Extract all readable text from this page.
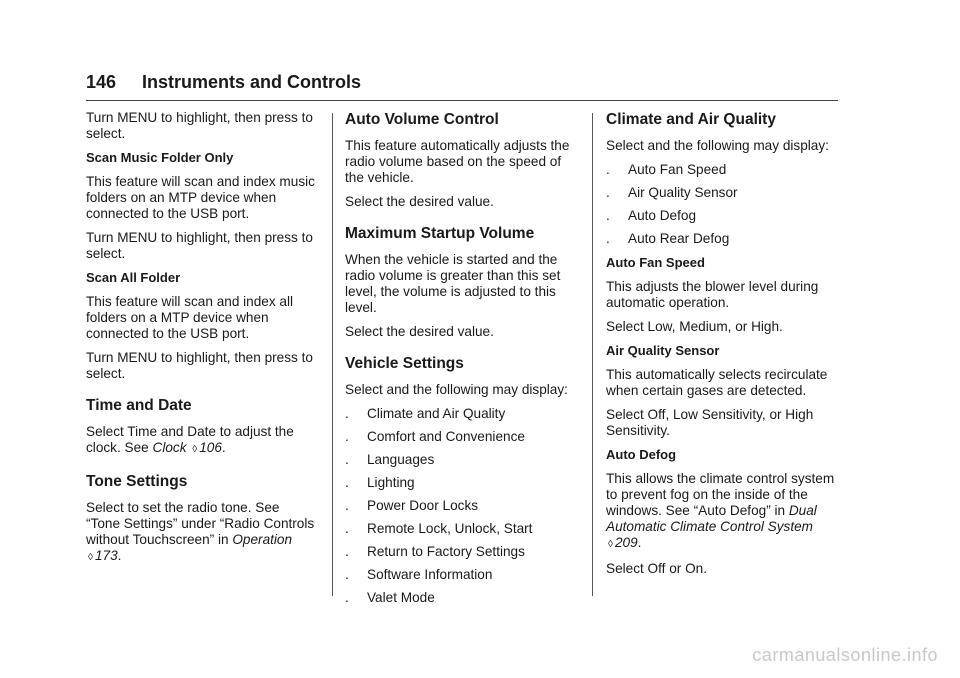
146 Instruments and Controls

Turn MENU to highlight, then press to select.

Scan Music Folder Only

This feature will scan and index music folders on an MTP device when connected to the USB port.

Turn MENU to highlight, then press to select.

Scan All Folder

This feature will scan and index all folders on a MTP device when connected to the USB port.

Turn MENU to highlight, then press to select.

Time and Date

Select Time and Date to adjust the clock. See Clock ◊ 106.

Tone Settings

Select to set the radio tone. See “Tone Settings” under “Radio Controls without Touchscreen” in Operation ◊ 173.

Auto Volume Control

This feature automatically adjusts the radio volume based on the speed of the vehicle.

Select the desired value.

Maximum Startup Volume

When the vehicle is started and the radio volume is greater than this set level, the volume is adjusted to this level.

Select the desired value.

Vehicle Settings

Select and the following may display:

. Climate and Air Quality
. Comfort and Convenience
. Languages
. Lighting
. Power Door Locks
. Remote Lock, Unlock, Start
. Return to Factory Settings
. Software Information
. Valet Mode
Climate and Air Quality

Select and the following may display:

. Auto Fan Speed
. Air Quality Sensor
. Auto Defog
. Auto Rear Defog
Auto Fan Speed

This adjusts the blower level during automatic operation.

Select Low, Medium, or High.

Air Quality Sensor

This automatically selects recirculate when certain gases are detected.

Select Off, Low Sensitivity, or High Sensitivity.

Auto Defog

This allows the climate control system to prevent fog on the inside of the windows. See “Auto Defog” in Dual Automatic Climate Control System ◊ 209.

Select Off or On.

carmanualsonline.info
